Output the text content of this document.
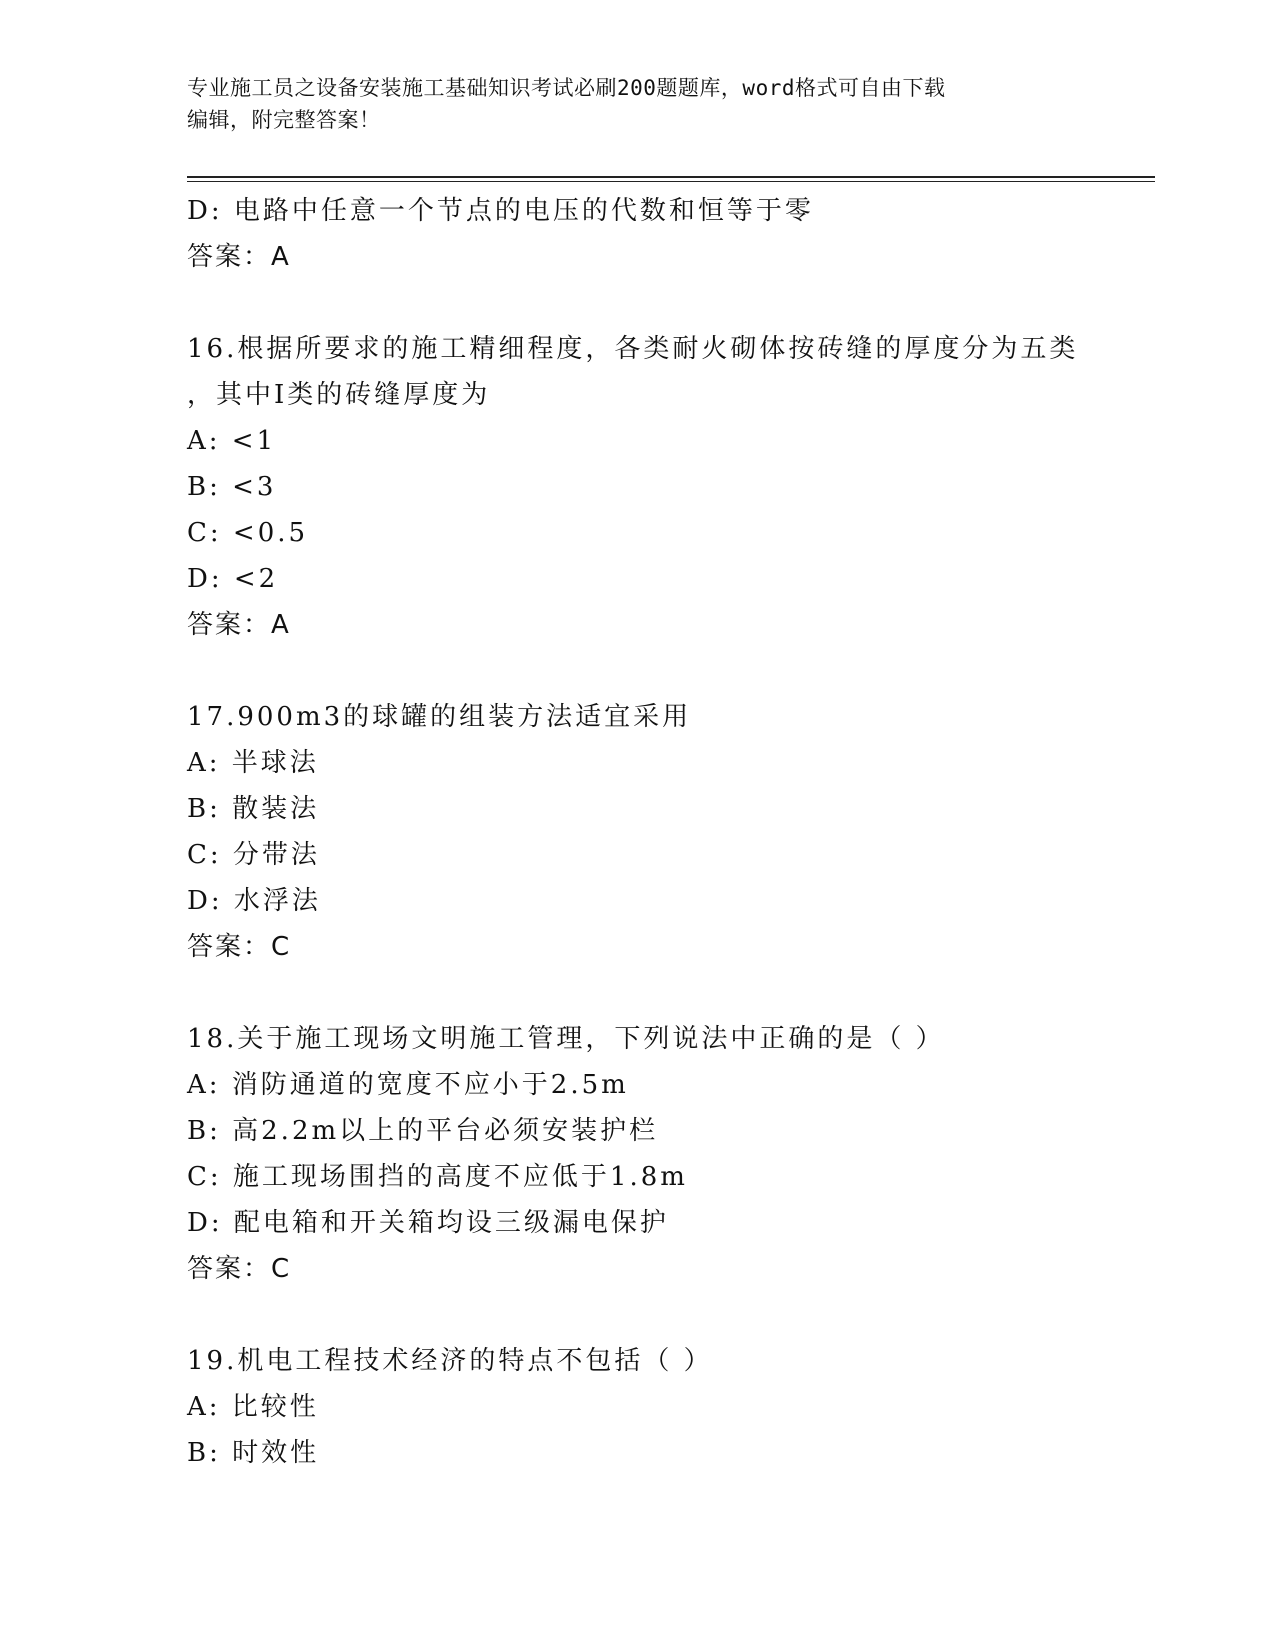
专业施工员之设备安装施工基础知识考试必刷200题题库，word格式可自由下载
编辑，附完整答案！
D: 电路中任意一个节点的电压的代数和恒等于零
答案：A
16.根据所要求的施工精细程度，各类耐火砌体按砖缝的厚度分为五类
，其中Ⅰ类的砖缝厚度为
A: <1
B: <3
C: <0.5
D: <2
答案：A
17.900m3的球罐的组装方法适宜采用
A: 半球法
B: 散装法
C: 分带法
D: 水浮法
答案：C
18.关于施工现场文明施工管理，下列说法中正确的是（ ）
A: 消防通道的宽度不应小于2.5m
B: 高2.2m以上的平台必须安装护栏
C: 施工现场围挡的高度不应低于1.8m
D: 配电箱和开关箱均设三级漏电保护
答案：C
19.机电工程技术经济的特点不包括（ ）
A: 比较性
B: 时效性
